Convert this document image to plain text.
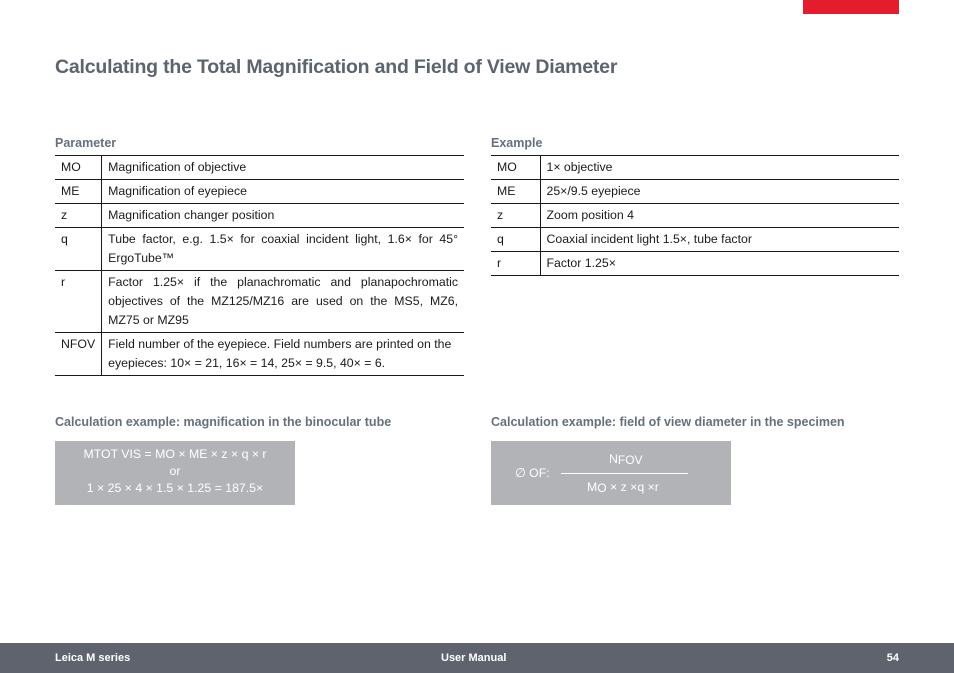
Calculating the Total Magnification and Field of View Diameter
Parameter
MO	Magnification of objective
ME	Magnification of eyepiece
z	Magnification changer position
q	Tube factor, e.g. 1.5× for coaxial incident light, 1.6× for 45° ErgoTube™
r	Factor 1.25× if the planachromatic and planapochromatic objectives of the MZ125/MZ16 are used on the MS5, MZ6, MZ75 or MZ95
NFOV	Field number of the eyepiece. Field numbers are printed on the eyepieces: 10× = 21, 16× = 14, 25× = 9.5, 40× = 6.
Example
MO	1× objective
ME	25×/9.5 eyepiece
z	Zoom position 4
q	Coaxial incident light 1.5×, tube factor
r	Factor 1.25×
Calculation example: magnification in the binocular tube
MTOT VIS = MO × ME × z × q × r
or
1 × 25 × 4 × 1.5 × 1.25 = 187.5×
Calculation example: field of view diameter in the specimen
∅ OF:
NFOV
MO × z ×q ×r
Leica M series	User Manual	54
